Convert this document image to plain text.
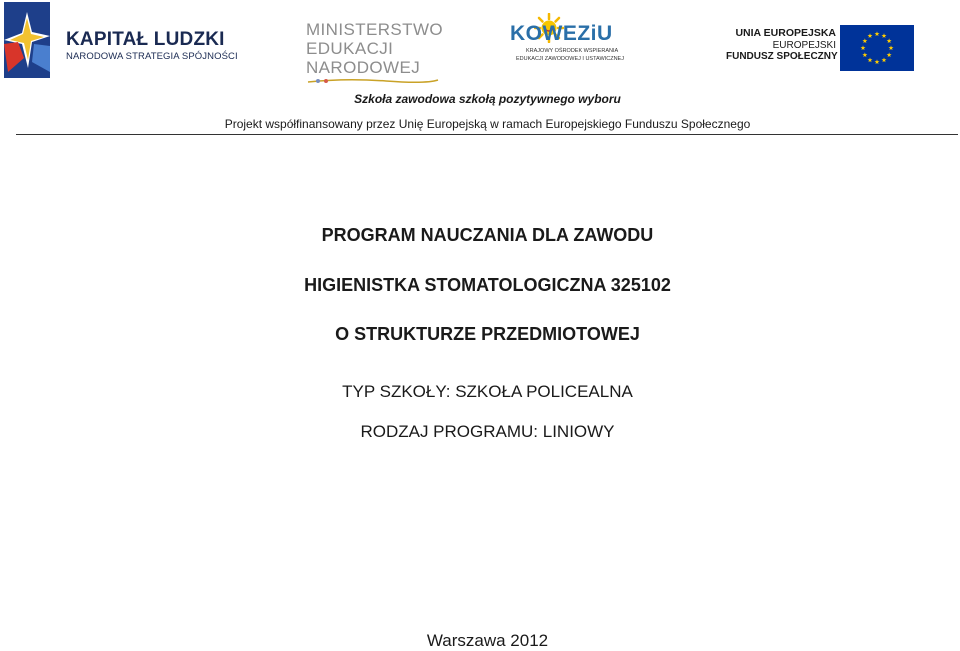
KAPITAŁ LUDZKI
NARODOWA STRATEGIA SPÓJNOŚCI
MINISTERSTWO
EDUKACJI
NARODOWEJ
KOWEZiU
KRAJOWY OŚRODEK WSPIERANIA
EDUKACJI ZAWODOWEJ I USTAWICZNEJ
UNIA EUROPEJSKA
EUROPEJSKI
FUNDUSZ SPOŁECZNY
Szkoła zawodowa szkołą pozytywnego wyboru
Projekt współfinansowany przez Unię Europejską w ramach Europejskiego Funduszu Społecznego
PROGRAM NAUCZANIA DLA ZAWODU
HIGIENISTKA STOMATOLOGICZNA 325102
O STRUKTURZE PRZEDMIOTOWEJ
TYP SZKOŁY: SZKOŁA POLICEALNA
RODZAJ PROGRAMU: LINIOWY
Warszawa 2012
